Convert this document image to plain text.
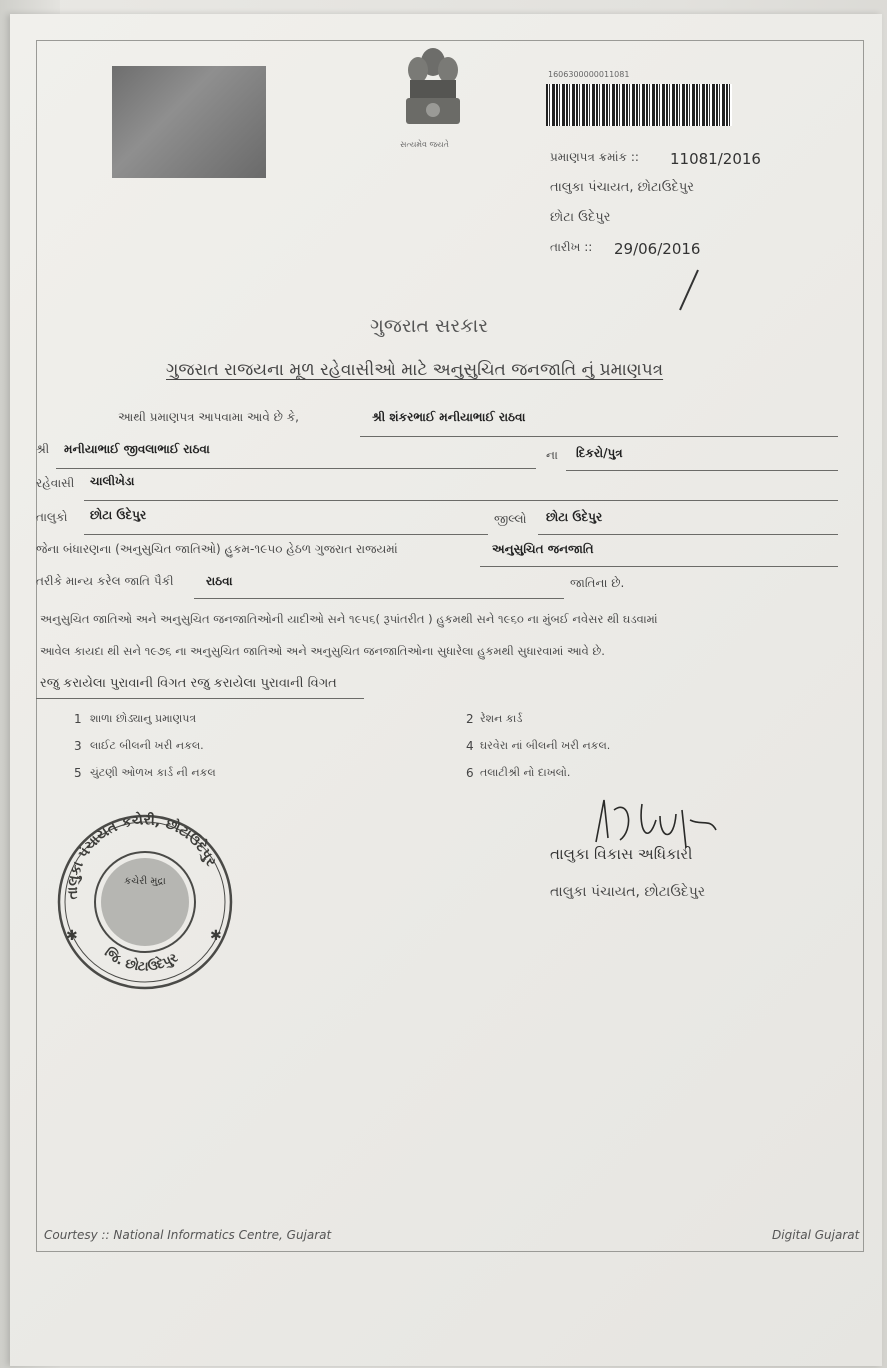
સત્યમેવ જયતે
1606300000011081
પ્રમાણપત્ર ક્રમાંક :: 11081/2016
તાલુકા પંચાયત, છોટાઉદેપુર
છોટા ઉદેપુર
તારીખ :: 29/06/2016
ગુજરાત સરકાર
ગુજરાત રાજયના મૂળ રહેવાસીઓ માટે અનુસુચિત જનજાતિ નું પ્રમાણપત્ર
આથી પ્રમાણપત્ર આપવામા આવે છે કે,	શ્રી શંકરભાઈ મનીયાભાઈ રાઠવા
શ્રી મનીયાભાઈ જીવલાભાઈ રાઠવા	ના દિકરો/પુત્ર
રહેવાસી ચાલીખેડા
તાલુકો છોટા ઉદેપુર	જીલ્લો છોટા ઉદેપુર
જેના બંધારણના (અનુસુચિત જાતિઓ) હુકમ-૧૯૫૦ હેઠળ ગુજરાત રાજયમાં	અનુસુચિત જનજાતિ
તરીકે માન્ય કરેલ જાતિ પૈકી	રાઠવા	જાતિના છે.
અનુસુચિત જાતિઓ અને અનુસુચિત જનજાતિઓની યાદીઓ સને ૧૯૫૬( રૂપાંતરીત ) હુકમથી સને ૧૯૬૦ ના મુંબઈ નવેસર થી ઘડવામાં
આવેલ કાયદા થી સને ૧૯૭૬ ના અનુસુચિત જાતિઓ અને અનુસુચિત જનજાતિઓના સુધારેલા હુકમથી સુધારવામાં આવે છે.
રજુ કરાયેલા પુરાવાની વિગત રજુ કરાયેલા પુરાવાની વિગત
1 શાળા છોડ્યાનુ પ્રમાણપત્ર	2 રેશન કાર્ડ
3 લાઈટ બીલની ખરી નકલ.	4 ઘરવેરા નાં બીલની ખરી નકલ.
5 ચુંટણી ઓળખ કાર્ડ ની નકલ	6 તલાટીશ્રી નો દાખલો.
તાલુકા પંચાયત કચેરી, છોટાઉદેપુર
જિ. છોટાઉદેપુર
કચેરી મુદ્રા
✱	✱
તાલુકા વિકાસ અધિકારી
તાલુકા પંચાયત, છોટાઉદેપુર
Courtesy :: National Informatics Centre, Gujarat	Digital Gujarat
